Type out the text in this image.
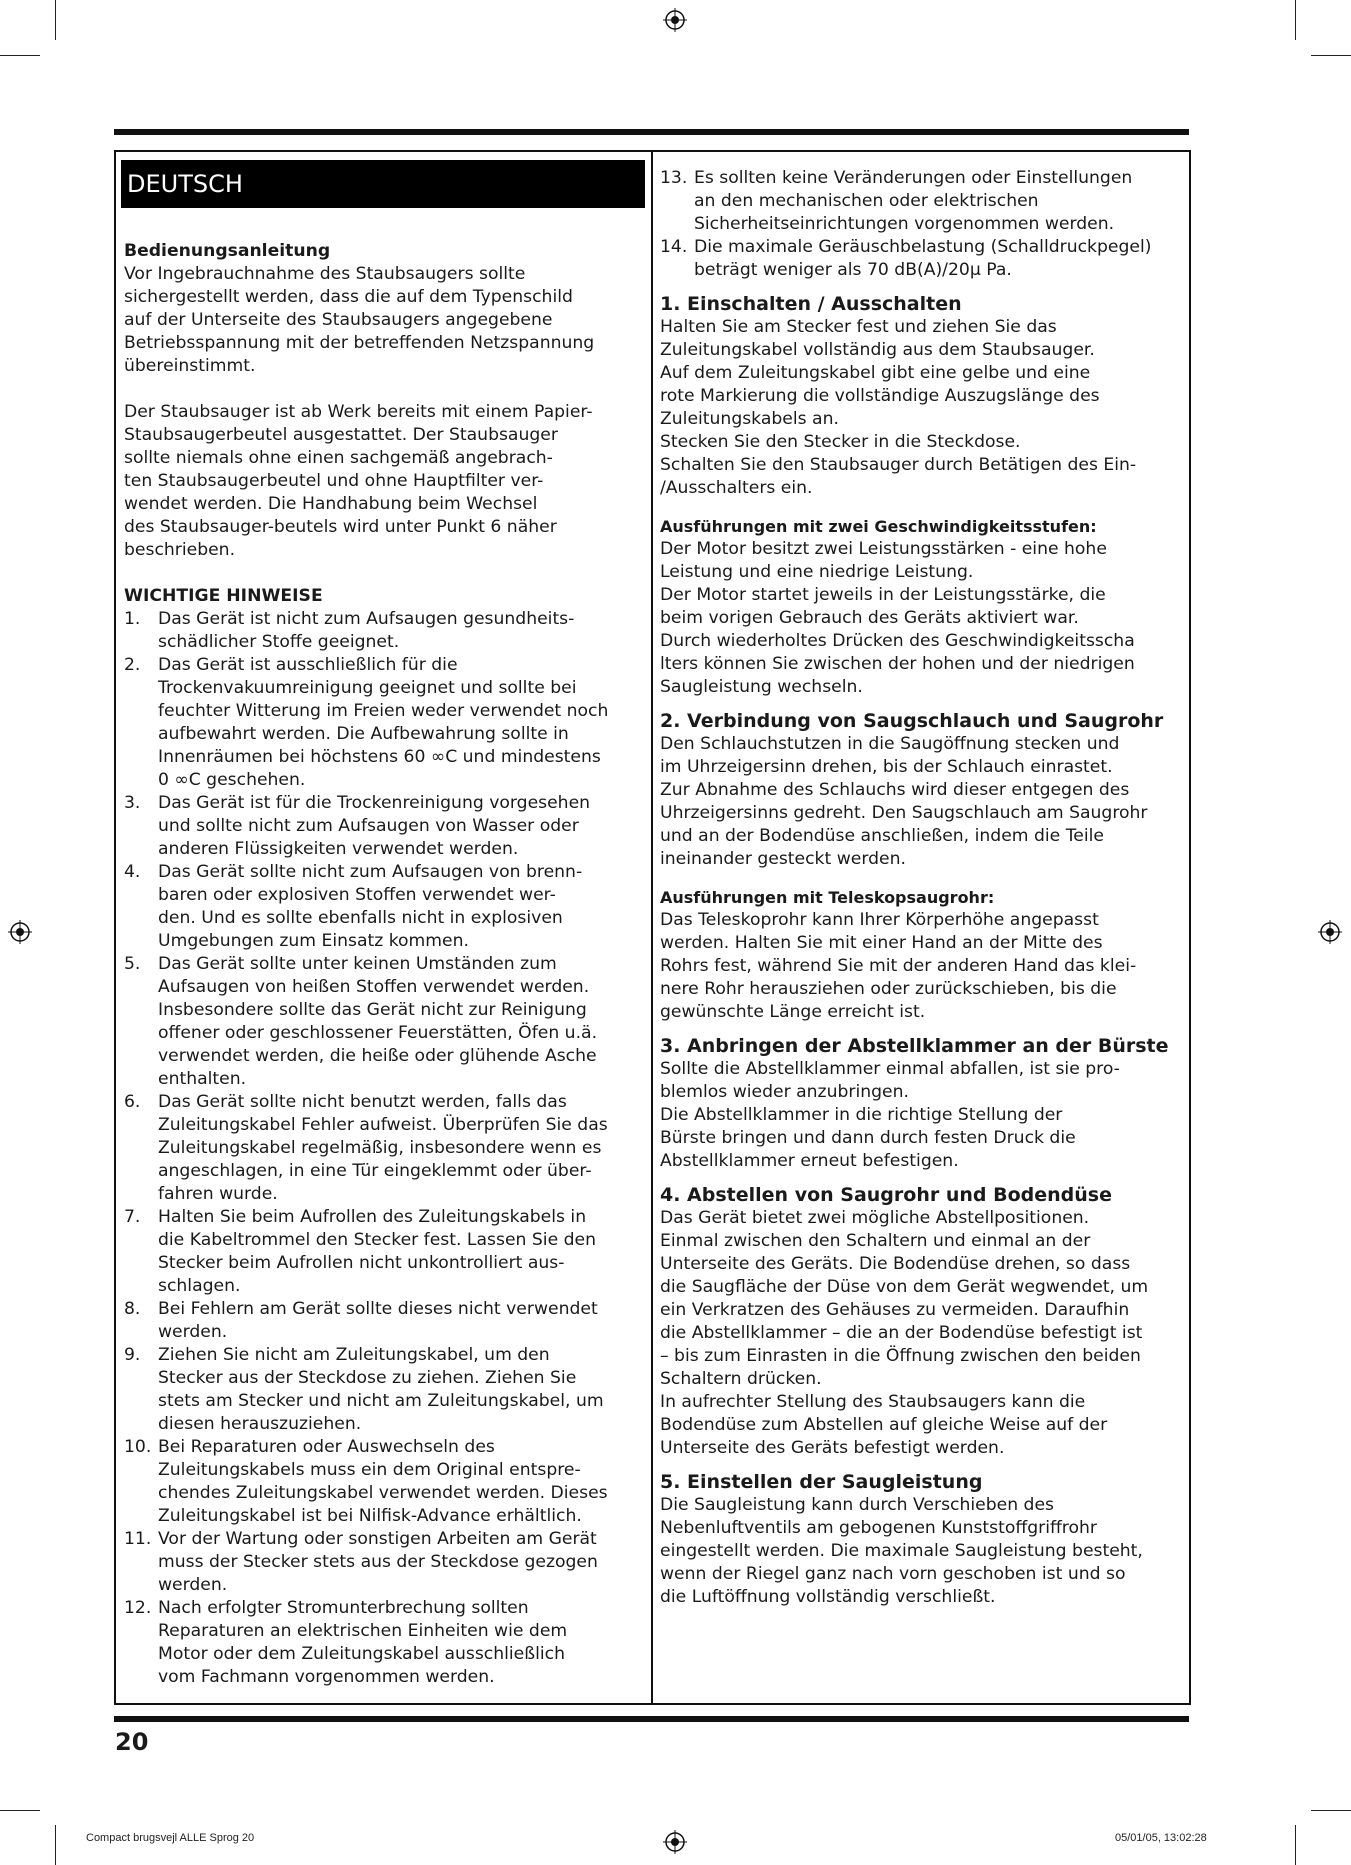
DEUTSCH

Bedienungsanleitung

Vor Ingebrauchnahme des Staubsaugers sollte
sichergestellt werden, dass die auf dem Typenschild
auf der Unterseite des Staubsaugers angegebene
Betriebsspannung mit der betreffenden Netzspannung
übereinstimmt.
Der Staubsauger ist ab Werk bereits mit einem Papier-
Staubsaugerbeutel ausgestattet. Der Staubsauger
sollte niemals ohne einen sachgemäß angebrach-
ten Staubsaugerbeutel und ohne Hauptfilter ver-
wendet werden. Die Handhabung beim Wechsel
des Staubsauger-beutels wird unter Punkt 6 näher
beschrieben.

WICHTIGE HINWEISE

1.	Das Gerät ist nicht zum Aufsaugen gesundheits-
schädlicher Stoffe geeignet.
2.	Das Gerät ist ausschließlich für die
Trockenvakuumreinigung geeignet und sollte bei
feuchter Witterung im Freien weder verwendet noch
aufbewahrt werden. Die Aufbewahrung sollte in
Innenräumen bei höchstens 60 ∞C und mindestens
0 ∞C geschehen.
3.	Das Gerät ist für die Trockenreinigung vorgesehen
und sollte nicht zum Aufsaugen von Wasser oder
anderen Flüssigkeiten verwendet werden.
4.	Das Gerät sollte nicht zum Aufsaugen von brenn-
baren oder explosiven Stoffen verwendet wer-
den. Und es sollte ebenfalls nicht in explosiven
Umgebungen zum Einsatz kommen.
5.	Das Gerät sollte unter keinen Umständen zum
Aufsaugen von heißen Stoffen verwendet werden.
Insbesondere sollte das Gerät nicht zur Reinigung
offener oder geschlossener Feuerstätten, Öfen u.ä.
verwendet werden, die heiße oder glühende Asche
enthalten.
6.	Das Gerät sollte nicht benutzt werden, falls das
Zuleitungskabel Fehler aufweist. Überprüfen Sie das
Zuleitungskabel regelmäßig, insbesondere wenn es
angeschlagen, in eine Tür eingeklemmt oder über-
fahren wurde.
7.	Halten Sie beim Aufrollen des Zuleitungskabels in
die Kabeltrommel den Stecker fest. Lassen Sie den
Stecker beim Aufrollen nicht unkontrolliert aus-
schlagen.
8.	Bei Fehlern am Gerät sollte dieses nicht verwendet
werden.
9.	Ziehen Sie nicht am Zuleitungskabel, um den
Stecker aus der Steckdose zu ziehen. Ziehen Sie
stets am Stecker und nicht am Zuleitungskabel, um
diesen herauszuziehen.
10. Bei Reparaturen oder Auswechseln des
Zuleitungskabels muss ein dem Original entspre-
chendes Zuleitungskabel verwendet werden. Dieses
Zuleitungskabel ist bei Nilfisk-Advance erhältlich.
11. Vor der Wartung oder sonstigen Arbeiten am Gerät
muss der Stecker stets aus der Steckdose gezogen
werden.
12. Nach erfolgter Stromunterbrechung sollten
Reparaturen an elektrischen Einheiten wie dem
Motor oder dem Zuleitungskabel ausschließlich
vom Fachmann vorgenommen werden.
13. Es sollten keine Veränderungen oder Einstellungen
an den mechanischen oder elektrischen
Sicherheitseinrichtungen vorgenommen werden.
14. Die maximale Geräuschbelastung (Schalldruckpegel)
beträgt weniger als 70 dB(A)/20µ Pa.

1. Einschalten / Ausschalten

Halten Sie am Stecker fest und ziehen Sie das
Zuleitungskabel vollständig aus dem Staubsauger.
Auf dem Zuleitungskabel gibt eine gelbe und eine
rote Markierung die vollständige Auszugslänge des
Zuleitungskabels an.
Stecken Sie den Stecker in die Steckdose.
Schalten Sie den Staubsauger durch Betätigen des Ein-
/Ausschalters ein.

Ausführungen mit zwei Geschwindigkeitsstufen:

Der Motor besitzt zwei Leistungsstärken - eine hohe
Leistung und eine niedrige Leistung.
Der Motor startet jeweils in der Leistungsstärke, die
beim vorigen Gebrauch des Geräts aktiviert war.
Durch wiederholtes Drücken des Geschwindigkeitsscha
lters können Sie zwischen der hohen und der niedrigen
Saugleistung wechseln.

2. Verbindung von Saugschlauch und Saugrohr

Den Schlauchstutzen in die Saugöffnung stecken und
im Uhrzeigersinn drehen, bis der Schlauch einrastet.
Zur Abnahme des Schlauchs wird dieser entgegen des
Uhrzeigersinns gedreht. Den Saugschlauch am Saugrohr
und an der Bodendüse anschließen, indem die Teile
ineinander gesteckt werden.

Ausführungen mit Teleskopsaugrohr:

Das Teleskoprohr kann Ihrer Körperhöhe angepasst
werden. Halten Sie mit einer Hand an der Mitte des
Rohrs fest, während Sie mit der anderen Hand das klei-
nere Rohr herausziehen oder zurückschieben, bis die
gewünschte Länge erreicht ist.

3. Anbringen der Abstellklammer an der Bürste

Sollte die Abstellklammer einmal abfallen, ist sie pro-
blemlos wieder anzubringen.
Die Abstellklammer in die richtige Stellung der
Bürste bringen und dann durch festen Druck die
Abstellklammer erneut befestigen.

4. Abstellen von Saugrohr und Bodendüse

Das Gerät bietet zwei mögliche Abstellpositionen.
Einmal zwischen den Schaltern und einmal an der
Unterseite des Geräts. Die Bodendüse drehen, so dass
die Saugfläche der Düse von dem Gerät wegwendet, um
ein Verkratzen des Gehäuses zu vermeiden. Daraufhin
die Abstellklammer – die an der Bodendüse befestigt ist
– bis zum Einrasten in die Öffnung zwischen den beiden
Schaltern drücken.
In aufrechter Stellung des Staubsaugers kann die
Bodendüse zum Abstellen auf gleiche Weise auf der
Unterseite des Geräts befestigt werden.

5. Einstellen der Saugleistung

Die Saugleistung kann durch Verschieben des
Nebenluftventils am gebogenen Kunststoffgriffrohr
eingestellt werden. Die maximale Saugleistung besteht,
wenn der Riegel ganz nach vorn geschoben ist und so
die Luftöffnung vollständig verschließt.
20
Compact brugsvejl ALLE Sprog 20	05/01/05, 13:02:28
